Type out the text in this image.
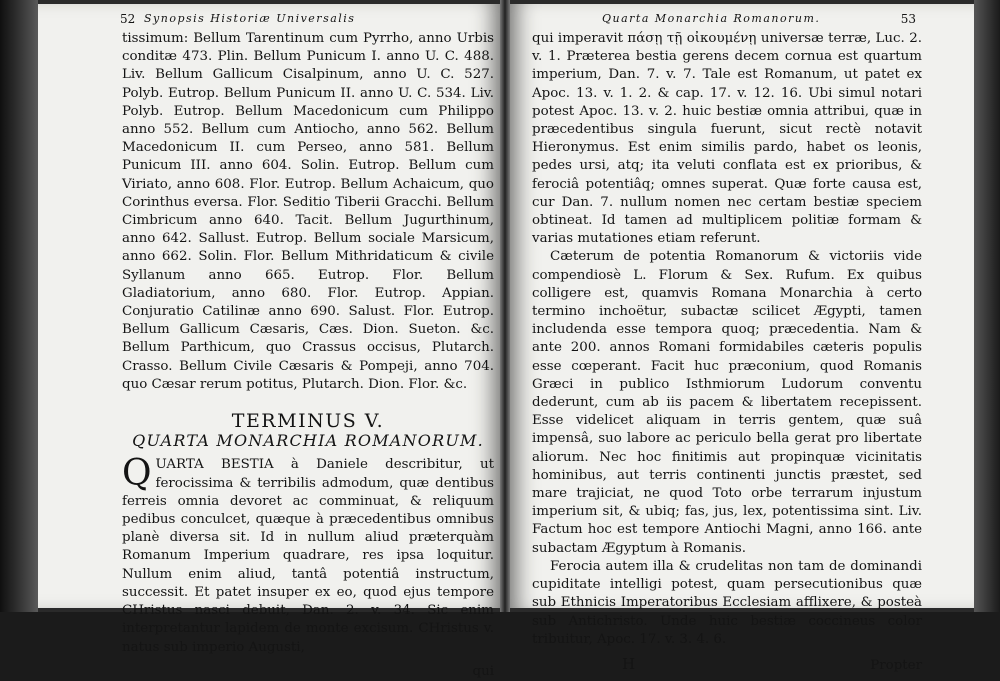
52 Synopsis Historiæ Universalis

tissimum: Bellum Tarentinum cum Pyrrho, anno Urbis conditæ 473. Plin. Bellum Punicum I. anno U. C. 488. Liv. Bellum Gallicum Cisalpinum, anno U. C. 527. Polyb. Eutrop. Bellum Punicum II. anno U. C. 534. Liv. Polyb. Eutrop. Bellum Macedonicum cum Philippo anno 552. Bellum cum Antiocho, anno 562. Bellum Macedonicum II. cum Perseo, anno 581. Bellum Punicum III. anno 604. Solin. Eutrop. Bellum cum Viriato, anno 608. Flor. Eutrop. Bellum Achaicum, quo Corinthus eversa. Flor. Seditio Tiberii Gracchi. Bellum Cimbricum anno 640. Tacit. Bellum Jugurthinum, anno 642. Sallust. Eutrop. Bellum sociale Marsicum, anno 662. Solin. Flor. Bellum Mithridaticum & civile Syllanum anno 665. Eutrop. Flor. Bellum Gladiatorium, anno 680. Flor. Eutrop. Appian. Conjuratio Catilinæ anno 690. Salust. Flor. Eutrop. Bellum Gallicum Cæsaris, Cæs. Dion. Sueton. &c. Bellum Parthicum, quo Crassus occisus, Plutarch. Crasso. Bellum Civile Cæsaris & Pompeji, anno 704. quo Cæsar rerum potitus, Plutarch. Dion. Flor. &c.

TERMINUS V.
QUARTA MONARCHIA ROMANORUM.

QUARTA BESTIA à Daniele describitur, ut ferocissima & terribilis admodum, quæ dentibus ferreis omnia devoret ac comminuat, & reliquum pedibus conculcet, quæque à præcedentibus omnibus planè diversa sit. Id in nullum aliud præterquàm Romanum Imperium quadrare, res ipsa loquitur. Nullum enim aliud, tantâ potentiâ instructum, successit. Et patet insuper ex eo, quod ejus tempore CHristus nasci debuit, Dan. 2. v. 34. Sic enim interpretantur lapidem de monte excisum. CHristus v. natus sub imperio Augusti,

qui
Quarta Monarchia Romanorum.	53

qui imperavit πάσῃ τῇ οἰκουμένῃ universæ terræ, Luc. 2. v. 1. Præterea bestia gerens decem cornua est quartum imperium, Dan. 7. v. 7. Tale est Romanum, ut patet ex Apoc. 13. v. 1. 2. & cap. 17. v. 12. 16. Ubi simul notari potest Apoc. 13. v. 2. huic bestiæ omnia attribui, quæ in præcedentibus singula fuerunt, sicut rectè notavit Hieronymus. Est enim similis pardo, habet os leonis, pedes ursi, atq; ita veluti conflata est ex prioribus, & ferociâ potentiâq; omnes superat. Quæ forte causa est, cur Dan. 7. nullum nomen nec certam bestiæ speciem obtineat. Id tamen ad multiplicem politiæ formam & varias mutationes etiam referunt.

Cæterum de potentia Romanorum & victoriis vide compendiosè L. Florum & Sex. Rufum. Ex quibus colligere est, quamvis Romana Monarchia à certo termino inchoëtur, subactæ scilicet Ægypti, tamen includenda esse tempora quoq; præcedentia. Nam & ante 200. annos Romani formidabiles cæteris populis esse cœperant. Facit huc præconium, quod Romanis Græci in publico Isthmiorum Ludorum conventu dederunt, cum ab iis pacem & libertatem recepissent. Esse videlicet aliquam in terris gentem, quæ suâ impensâ, suo labore ac periculo bella gerat pro libertate aliorum. Nec hoc finitimis aut propinquæ vicinitatis hominibus, aut terris continenti junctis præstet, sed mare trajiciat, ne quod Toto orbe terrarum injustum imperium sit, & ubiq; fas, jus, lex, potentissima sint. Liv. Factum hoc est tempore Antiochi Magni, anno 166. ante subactam Ægyptum à Romanis.

Ferocia autem illa & crudelitas non tam de dominandi cupiditate intelligi potest, quam persecutionibus quæ sub Ethnicis Imperatoribus Ecclesiam afflixere, & posteà sub Antichristo. Unde huic bestiæ coccineus color tribuitur, Apoc. 17. v. 3. 4. 6.

H	Propter
